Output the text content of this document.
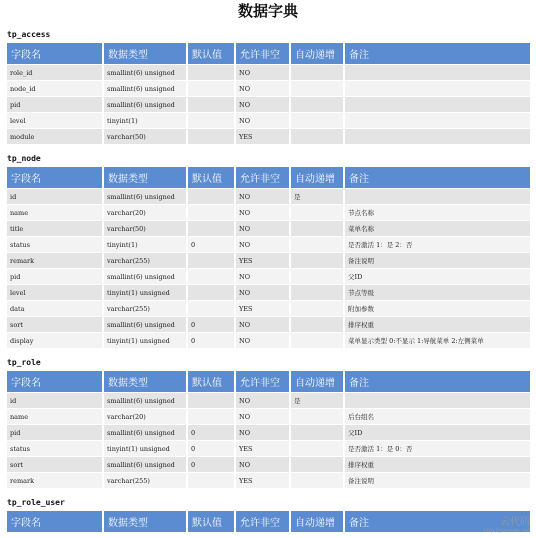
数据字典
tp_access
字段名	数据类型	默认值	允许非空	自动递增	备注
role_id	smallint(6) unsigned		NO		
node_id	smallint(6) unsigned		NO		
pid	smallint(6) unsigned		NO		
level	tinyint(1)		NO		
module	varchar(50)		YES		
tp_node
字段名	数据类型	默认值	允许非空	自动递增	备注
id	smallint(6) unsigned		NO	是	
name	varchar(20)		NO		节点名称
title	varchar(50)		NO		菜单名称
status	tinyint(1)	0	NO		是否激活 1：是 2：否
remark	varchar(255)		YES		备注说明
pid	smallint(6) unsigned		NO		父ID
level	tinyint(1) unsigned		NO		节点等级
data	varchar(255)		YES		附加参数
sort	smallint(6) unsigned	0	NO		排序权重
display	tinyint(1) unsigned	0	NO		菜单显示类型 0:不显示 1:导航菜单 2:左侧菜单
tp_role
字段名	数据类型	默认值	允许非空	自动递增	备注
id	smallint(6) unsigned		NO	是	
name	varchar(20)		NO		后台组名
pid	smallint(6) unsigned	0	NO		父ID
status	tinyint(1) unsigned	0	YES		是否激活 1：是 0：否
sort	smallint(6) unsigned	0	NO		排序权重
remark	varchar(255)		YES		备注说明
tp_role_user
字段名	数据类型	默认值	允许非空	自动递增	备注	云代码
http://yuncode.net
